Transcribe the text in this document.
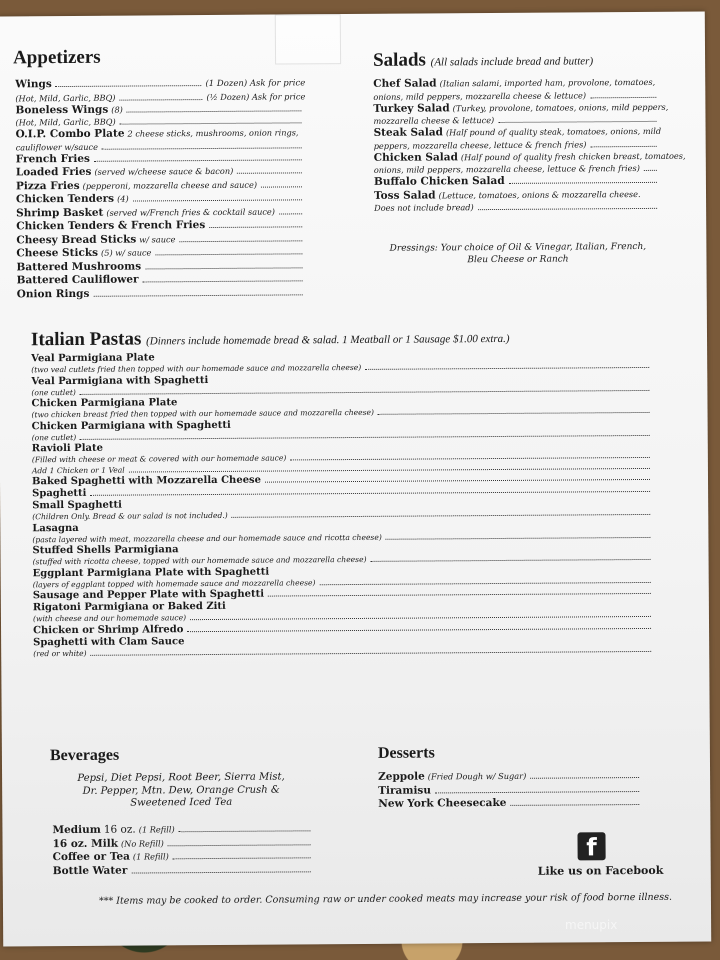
Appetizers
Wings	(1 Dozen) Ask for price
(Hot, Mild, Garlic, BBQ)	(½ Dozen) Ask for price
Boneless Wings (8)
(Hot, Mild, Garlic, BBQ)
O.I.P. Combo Plate 2 cheese sticks, mushrooms, onion rings,
cauliflower w/sauce
French Fries
Loaded Fries (served w/cheese sauce & bacon)
Pizza Fries (pepperoni, mozzarella cheese and sauce)
Chicken Tenders (4)
Shrimp Basket (served w/French fries & cocktail sauce)
Chicken Tenders & French Fries
Cheesy Bread Sticks w/ sauce
Cheese Sticks (5) w/ sauce
Battered Mushrooms
Battered Cauliflower
Onion Rings
Salads (All salads include bread and butter)
Chef Salad (Italian salami, imported ham, provolone, tomatoes,
onions, mild peppers, mozzarella cheese & lettuce)
Turkey Salad (Turkey, provolone, tomatoes, onions, mild peppers,
mozzarella cheese & lettuce)
Steak Salad (Half pound of quality steak, tomatoes, onions, mild
peppers, mozzarella cheese, lettuce & french fries)
Chicken Salad (Half pound of quality fresh chicken breast, tomatoes,
onions, mild peppers, mozzarella cheese, lettuce & french fries)
Buffalo Chicken Salad
Toss Salad (Lettuce, tomatoes, onions & mozzarella cheese.
Does not include bread)
Dressings: Your choice of Oil & Vinegar, Italian, French,
Bleu Cheese or Ranch
Italian Pastas (Dinners include homemade bread & salad. 1 Meatball or 1 Sausage $1.00 extra.)
Veal Parmigiana Plate
(two veal cutlets fried then topped with our homemade sauce and mozzarella cheese)
Veal Parmigiana with Spaghetti
(one cutlet)
Chicken Parmigiana Plate
(two chicken breast fried then topped with our homemade sauce and mozzarella cheese)
Chicken Parmigiana with Spaghetti
(one cutlet)
Ravioli Plate
(Filled with cheese or meat & covered with our homemade sauce)
Add 1 Chicken or 1 Veal
Baked Spaghetti with Mozzarella Cheese
Spaghetti
Small Spaghetti
(Children Only. Bread & our salad is not included.)
Lasagna
(pasta layered with meat, mozzarella cheese and our homemade sauce and ricotta cheese)
Stuffed Shells Parmigiana
(stuffed with ricotta cheese, topped with our homemade sauce and mozzarella cheese)
Eggplant Parmigiana Plate with Spaghetti
(layers of eggplant topped with homemade sauce and mozzarella cheese)
Sausage and Pepper Plate with Spaghetti
Rigatoni Parmigiana or Baked Ziti
(with cheese and our homemade sauce)
Chicken or Shrimp Alfredo
Spaghetti with Clam Sauce
(red or white)
Beverages
Pepsi, Diet Pepsi, Root Beer, Sierra Mist,
Dr. Pepper, Mtn. Dew, Orange Crush &
Sweetened Iced Tea
Medium 16 oz. (1 Refill)
16 oz. Milk (No Refill)
Coffee or Tea (1 Refill)
Bottle Water
Desserts
Zeppole (Fried Dough w/ Sugar)
Tiramisu
New York Cheesecake
f
Like us on Facebook
*** Items may be cooked to order. Consuming raw or under cooked meats may increase your risk of food borne illness.
menupix
